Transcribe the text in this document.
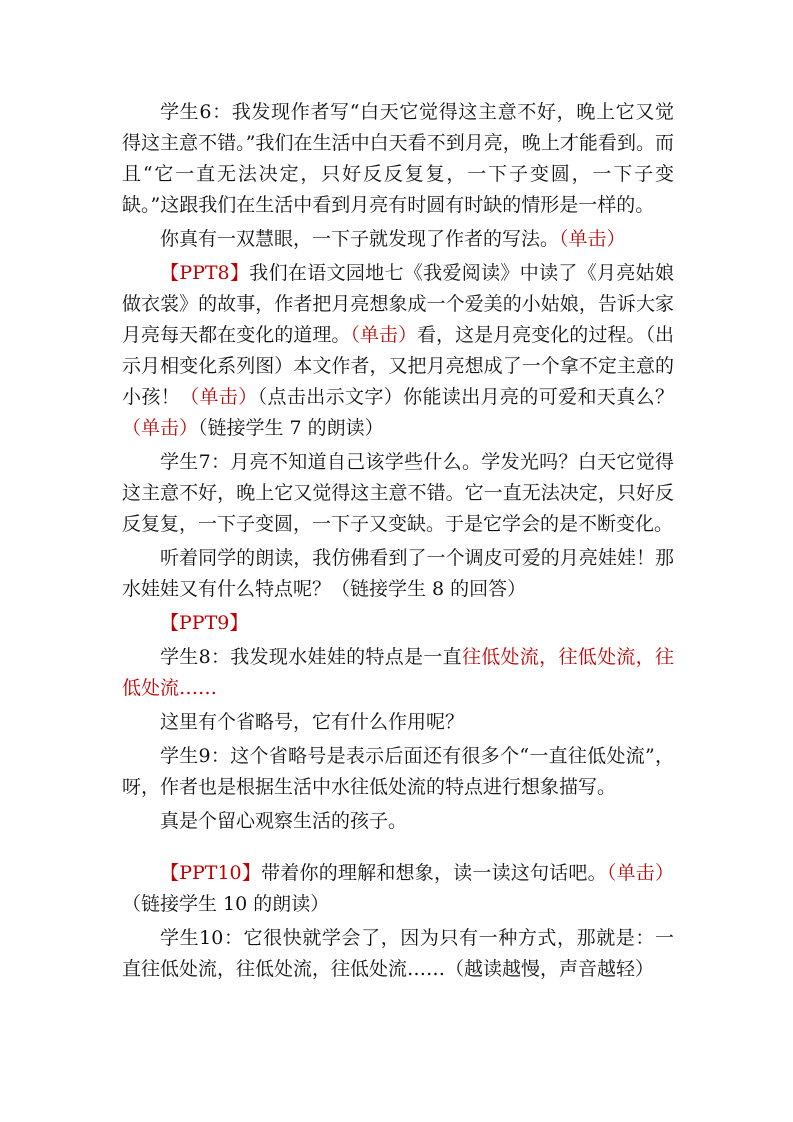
学生6：我发现作者写“白天它觉得这主意不好，晚上它又觉得这主意不错。”我们在生活中白天看不到月亮，晚上才能看到。而且“它一直无法决定，只好反反复复，一下子变圆，一下子变缺。”这跟我们在生活中看到月亮有时圆有时缺的情形是一样的。

你真有一双慧眼，一下子就发现了作者的写法。（单击）

【PPT8】我们在语文园地七《我爱阅读》中读了《月亮姑娘做衣裳》的故事，作者把月亮想象成一个爱美的小姑娘，告诉大家月亮每天都在变化的道理。（单击）看，这是月亮变化的过程。（出示月相变化系列图）本文作者，又把月亮想成了一个拿不定主意的小孩！（单击）（点击出示文字）你能读出月亮的可爱和天真么？（单击）（链接学生 7 的朗读）

学生7：月亮不知道自己该学些什么。学发光吗？白天它觉得这主意不好，晚上它又觉得这主意不错。它一直无法决定，只好反反复复，一下子变圆，一下子又变缺。于是它学会的是不断变化。

听着同学的朗读，我仿佛看到了一个调皮可爱的月亮娃娃！那水娃娃又有什么特点呢？（链接学生 8 的回答）

【PPT9】

学生8：我发现水娃娃的特点是一直往低处流，往低处流，往低处流……

这里有个省略号，它有什么作用呢？

学生9：这个省略号是表示后面还有很多个“一直往低处流”，呀，作者也是根据生活中水往低处流的特点进行想象描写。

真是个留心观察生活的孩子。

【PPT10】带着你的理解和想象，读一读这句话吧。（单击）（链接学生 10 的朗读）

学生10：它很快就学会了，因为只有一种方式，那就是：一直往低处流，往低处流，往低处流……（越读越慢，声音越轻）
